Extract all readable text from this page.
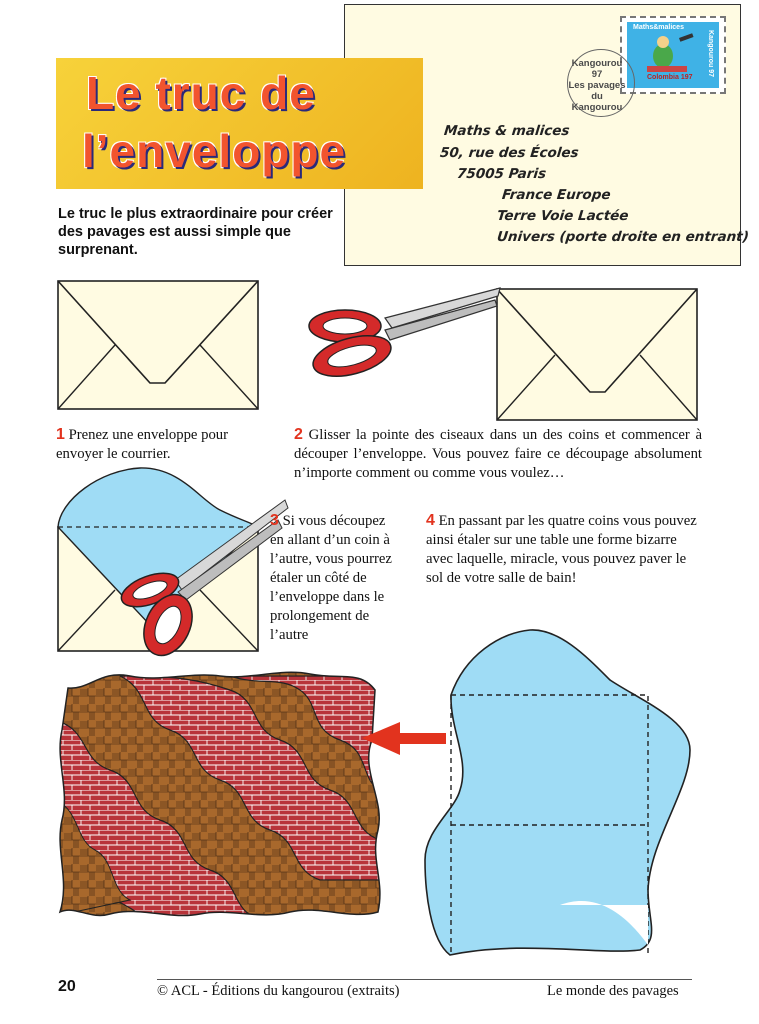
Maths&malices
Kangourou 97
Colombia 197
Kangourou
97
Les pavages
du
Kangourou
Maths & malices
50, rue des Écoles
75005 Paris
France Europe
Terre Voie Lactée
Univers (porte droite en entrant)
Le truc de
l’enveloppe
Le truc le plus extraordinaire pour créer des pavages est aussi simple que surprenant.
1 Prenez une enveloppe pour envoyer le courrier.
2 Glisser la pointe des ciseaux dans un des coins et commencer à découper l’enveloppe. Vous pouvez faire ce découpage absolument n’importe comment ou comme vous voulez…
3 Si vous découpez en allant d’un coin à l’autre, vous pourrez étaler un côté de l’enveloppe dans le prolongement de l’autre
4 En passant par les quatre coins vous pouvez ainsi étaler sur une table une forme bizarre avec laquelle, miracle, vous pouvez paver le sol de votre salle de bain!
20	© ACL - Éditions du kangourou (extraits)	Le monde des pavages
